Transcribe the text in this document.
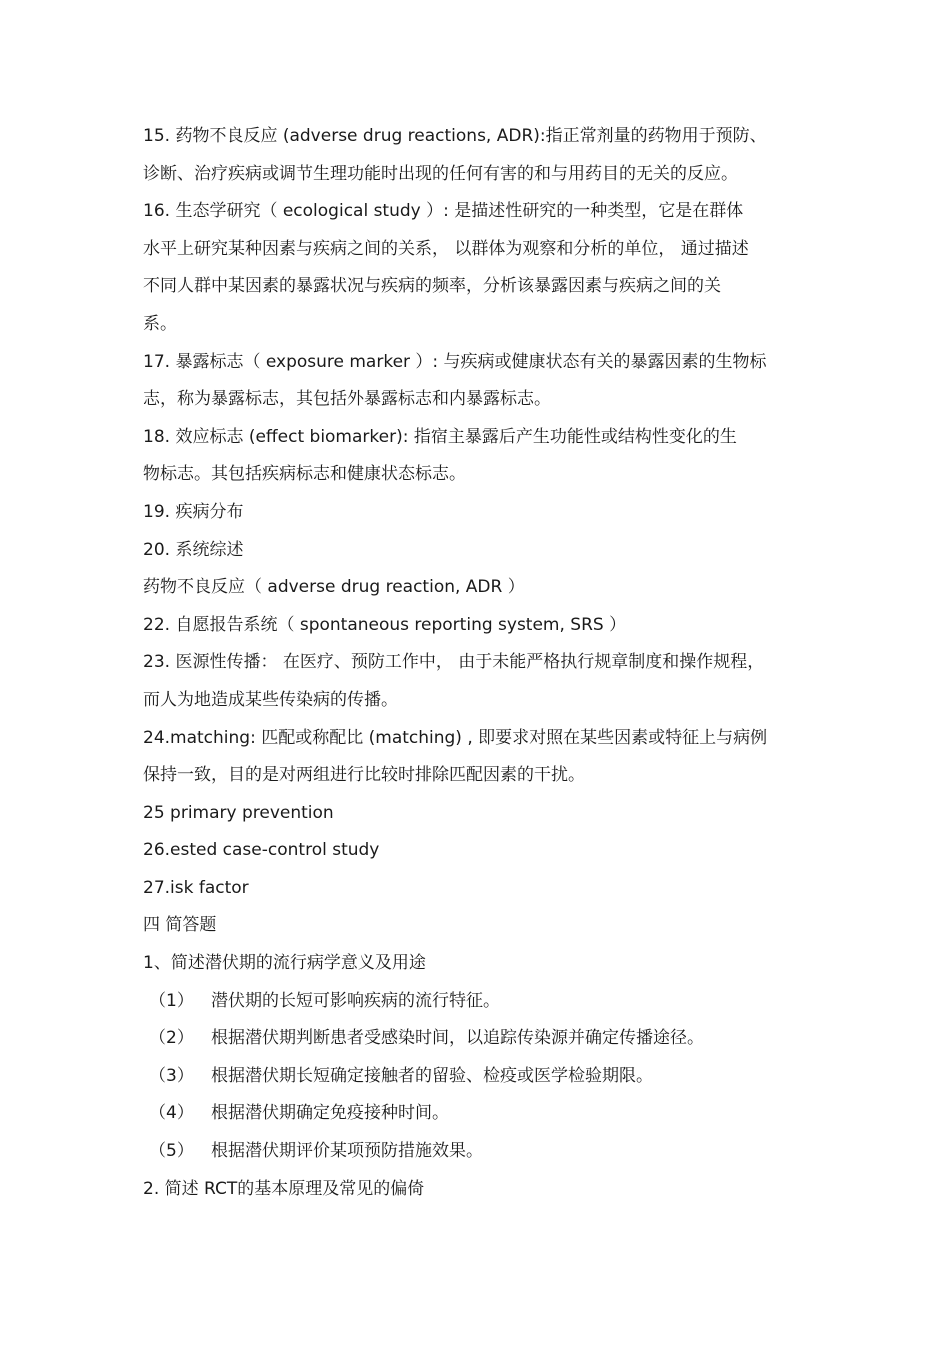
15. 药物不良反应 (adverse drug reactions, ADR):指正常剂量的药物用于预防、
诊断、治疗疾病或调节生理功能时出现的任何有害的和与用药目的无关的反应。
16. 生态学研究（ ecological study ）: 是描述性研究的一种类型，它是在群体
水平上研究某种因素与疾病之间的关系， 以群体为观察和分析的单位， 通过描述
不同人群中某因素的暴露状况与疾病的频率，分析该暴露因素与疾病之间的关
系。
17. 暴露标志（ exposure marker ）: 与疾病或健康状态有关的暴露因素的生物标
志，称为暴露标志，其包括外暴露标志和内暴露标志。
18. 效应标志 (effect biomarker): 指宿主暴露后产生功能性或结构性变化的生
物标志。其包括疾病标志和健康状态标志。
19. 疾病分布
20. 系统综述
药物不良反应（ adverse drug reaction, ADR ）
22. 自愿报告系统（ spontaneous reporting system, SRS ）
23. 医源性传播： 在医疗、预防工作中， 由于未能严格执行规章制度和操作规程，
而人为地造成某些传染病的传播。
24.matching: 匹配或称配比 (matching) , 即要求对照在某些因素或特征上与病例
保持一致，目的是对两组进行比较时排除匹配因素的干扰。
25 primary prevention
26.ested case-control study
27.isk factor
四 简答题
1、简述潜伏期的流行病学意义及用途
（1） 潜伏期的长短可影响疾病的流行特征。
（2） 根据潜伏期判断患者受感染时间，以追踪传染源并确定传播途径。
（3） 根据潜伏期长短确定接触者的留验、检疫或医学检验期限。
（4） 根据潜伏期确定免疫接种时间。
（5） 根据潜伏期评价某项预防措施效果。
2. 简述 RCT的基本原理及常见的偏倚
